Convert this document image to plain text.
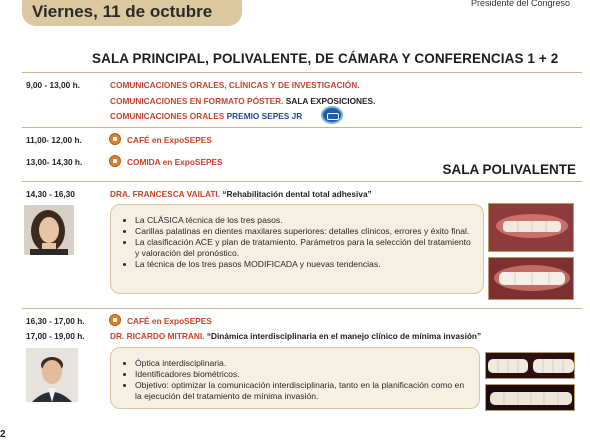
Viernes, 11 de octubre	Presidente del Congreso
SALA PRINCIPAL, POLIVALENTE, DE CÁMARA Y CONFERENCIAS 1 + 2
9,00 - 13,00 h.	COMUNICACIONES ORALES, CLÍNICAS Y DE INVESTIGACIÓN.
COMUNICACIONES EN FORMATO PÓSTER. SALA EXPOSICIONES.
COMUNICACIONES ORALES PREMIO SEPES JR
11,00- 12,00 h.	CAFÉ en ExpoSEPES
13,00- 14,30 h.	COMIDA en ExpoSEPES	SALA POLIVALENTE
14,30 - 16,30	DRA. FRANCESCA VAILATI. “Rehabilitación dental total adhesiva”
La CLÁSICA técnica de los tres pasos.
Carillas palatinas en dientes maxilares superiores: detalles clínicos, errores y éxito final.
La clasificación ACE y plan de tratamiento. Parámetros para la selección del tratamiento y valoración del pronóstico.
La técnica de los tres pasos MODIFICADA y nuevas tendencias.
16,30 - 17,00 h.	CAFÉ en ExpoSEPES
17,00 - 19,00 h.	DR. RICARDO MITRANI. “Dinámica interdisciplinaria en el manejo clínico de mínima invasión”
Óptica interdisciplinaria.
Identificadores biométricos.
Objetivo: optimizar la comunicación interdisciplinaria, tanto en la planificación como en la ejecución del tratamiento de mínima invasión.
2
